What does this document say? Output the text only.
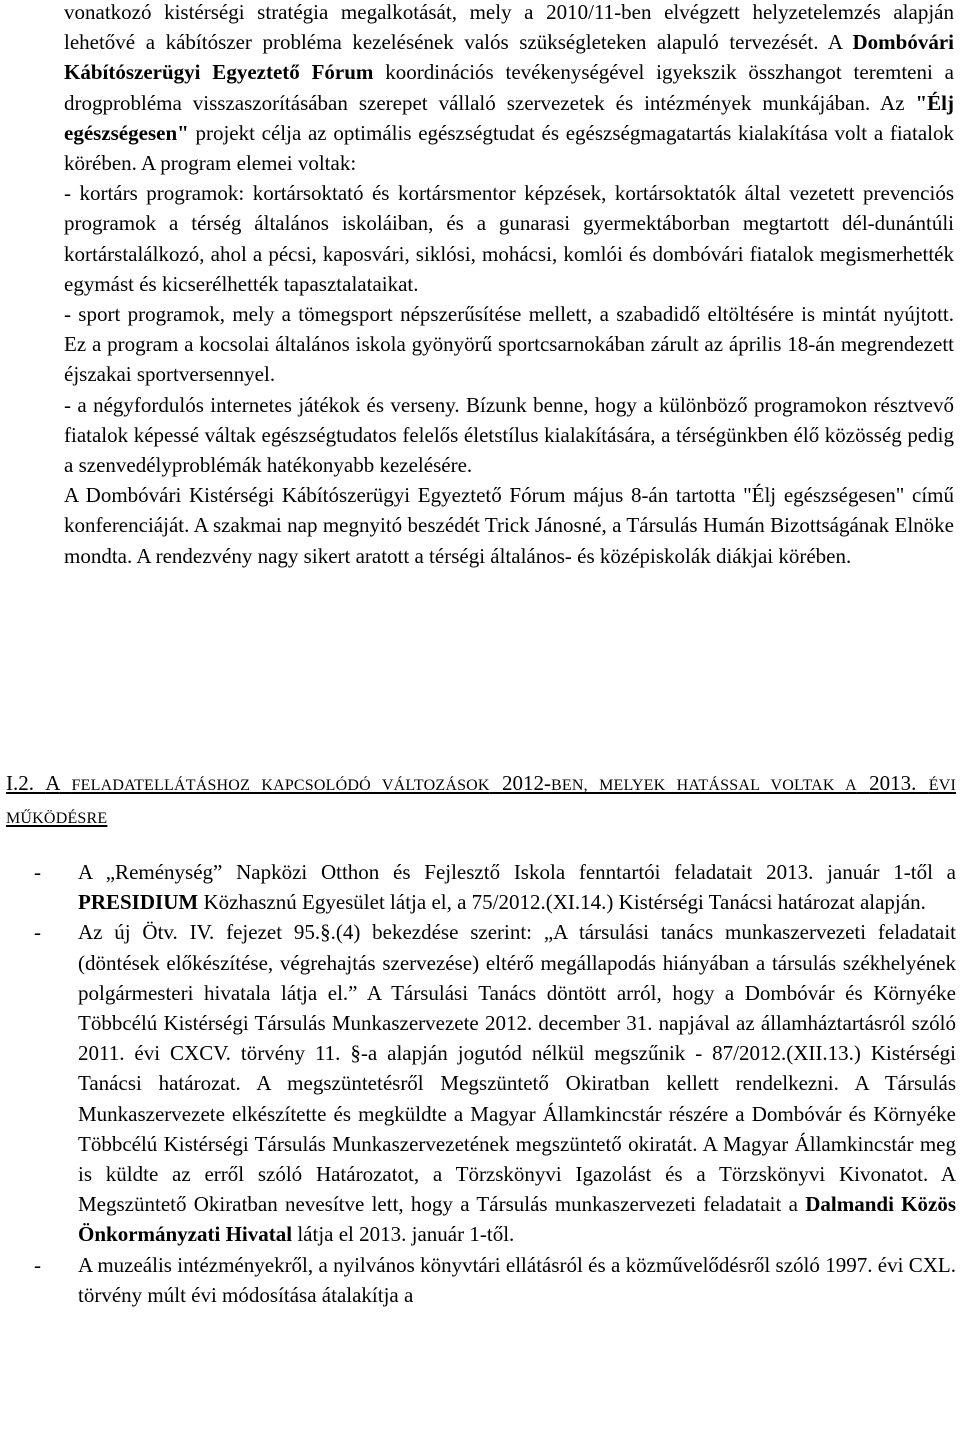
vonatkozó kistérségi stratégia megalkotását, mely a 2010/11-ben elvégzett helyzetelemzés alapján lehetővé a kábítószer probléma kezelésének valós szükségleteken alapuló tervezését. A Dombóvári Kábítószerügyi Egyeztető Fórum koordinációs tevékenységével igyekszik összhangot teremteni a drogprobléma visszaszorításában szerepet vállaló szervezetek és intézmények munkájában. Az "Élj egészségesen" projekt célja az optimális egészségtudat és egészségmagatartás kialakítása volt a fiatalok körében. A program elemei voltak:

- kortárs programok: kortársoktató és kortársmentor képzések, kortársoktatók által vezetett prevenciós programok a térség általános iskoláiban, és a gunarasi gyermektáborban megtartott dél-dunántúli kortárstalálkozó, ahol a pécsi, kaposvári, siklósi, mohácsi, komlói és dombóvári fiatalok megismerhették egymást és kicserélhették tapasztalataikat.

- sport programok, mely a tömegsport népszerűsítése mellett, a szabadidő eltöltésére is mintát nyújtott. Ez a program a kocsolai általános iskola gyönyörű sportcsarnokában zárult az április 18-án megrendezett éjszakai sportversennyel.

- a négyfordulós internetes játékok és verseny. Bízunk benne, hogy a különböző programokon résztvevő fiatalok képessé váltak egészségtudatos felelős életstílus kialakítására, a térségünkben élő közösség pedig a szenvedélyproblémák hatékonyabb kezelésére.

A Dombóvári Kistérségi Kábítószerügyi Egyeztető Fórum május 8-án tartotta "Élj egészségesen" című konferenciáját. A szakmai nap megnyitó beszédét Trick Jánosné, a Társulás Humán Bizottságának Elnöke mondta. A rendezvény nagy sikert aratott a térségi általános- és középiskolák diákjai körében.

I.2. A FELADATELLÁTÁSHOZ KAPCSOLÓDÓ VÁLTOZÁSOK 2012-BEN, MELYEK HATÁSSAL VOLTAK A 2013. ÉVI MŰKÖDÉSRE
- A „Reménység” Napközi Otthon és Fejlesztő Iskola fenntartói feladatait 2013. január 1-től a PRESIDIUM Közhasznú Egyesület látja el, a 75/2012.(XI.14.) Kistérségi Tanácsi határozat alapján.
- Az új Ötv. IV. fejezet 95.§.(4) bekezdése szerint: „A társulási tanács munkaszervezeti feladatait (döntések előkészítése, végrehajtás szervezése) eltérő megállapodás hiányában a társulás székhelyének polgármesteri hivatala látja el.” A Társulási Tanács döntött arról, hogy a Dombóvár és Környéke Többcélú Kistérségi Társulás Munkaszervezete 2012. december 31. napjával az államháztartásról szóló 2011. évi CXCV. törvény 11. §-a alapján jogutód nélkül megszűnik - 87/2012.(XII.13.) Kistérségi Tanácsi határozat. A megszüntetésről Megszüntető Okiratban kellett rendelkezni. A Társulás Munkaszervezete elkészítette és megküldte a Magyar Államkincstár részére a Dombóvár és Környéke Többcélú Kistérségi Társulás Munkaszervezetének megszüntető okiratát. A Magyar Államkincstár meg is küldte az erről szóló Határozatot, a Törzskönyvi Igazolást és a Törzskönyvi Kivonatot. A Megszüntető Okiratban nevesítve lett, hogy a Társulás munkaszervezeti feladatait a Dalmandi Közös Önkormányzati Hivatal látja el 2013. január 1-től.
- A muzeális intézményekről, a nyilvános könyvtári ellátásról és a közművelődésről szóló 1997. évi CXL. törvény múlt évi módosítása átalakítja a
